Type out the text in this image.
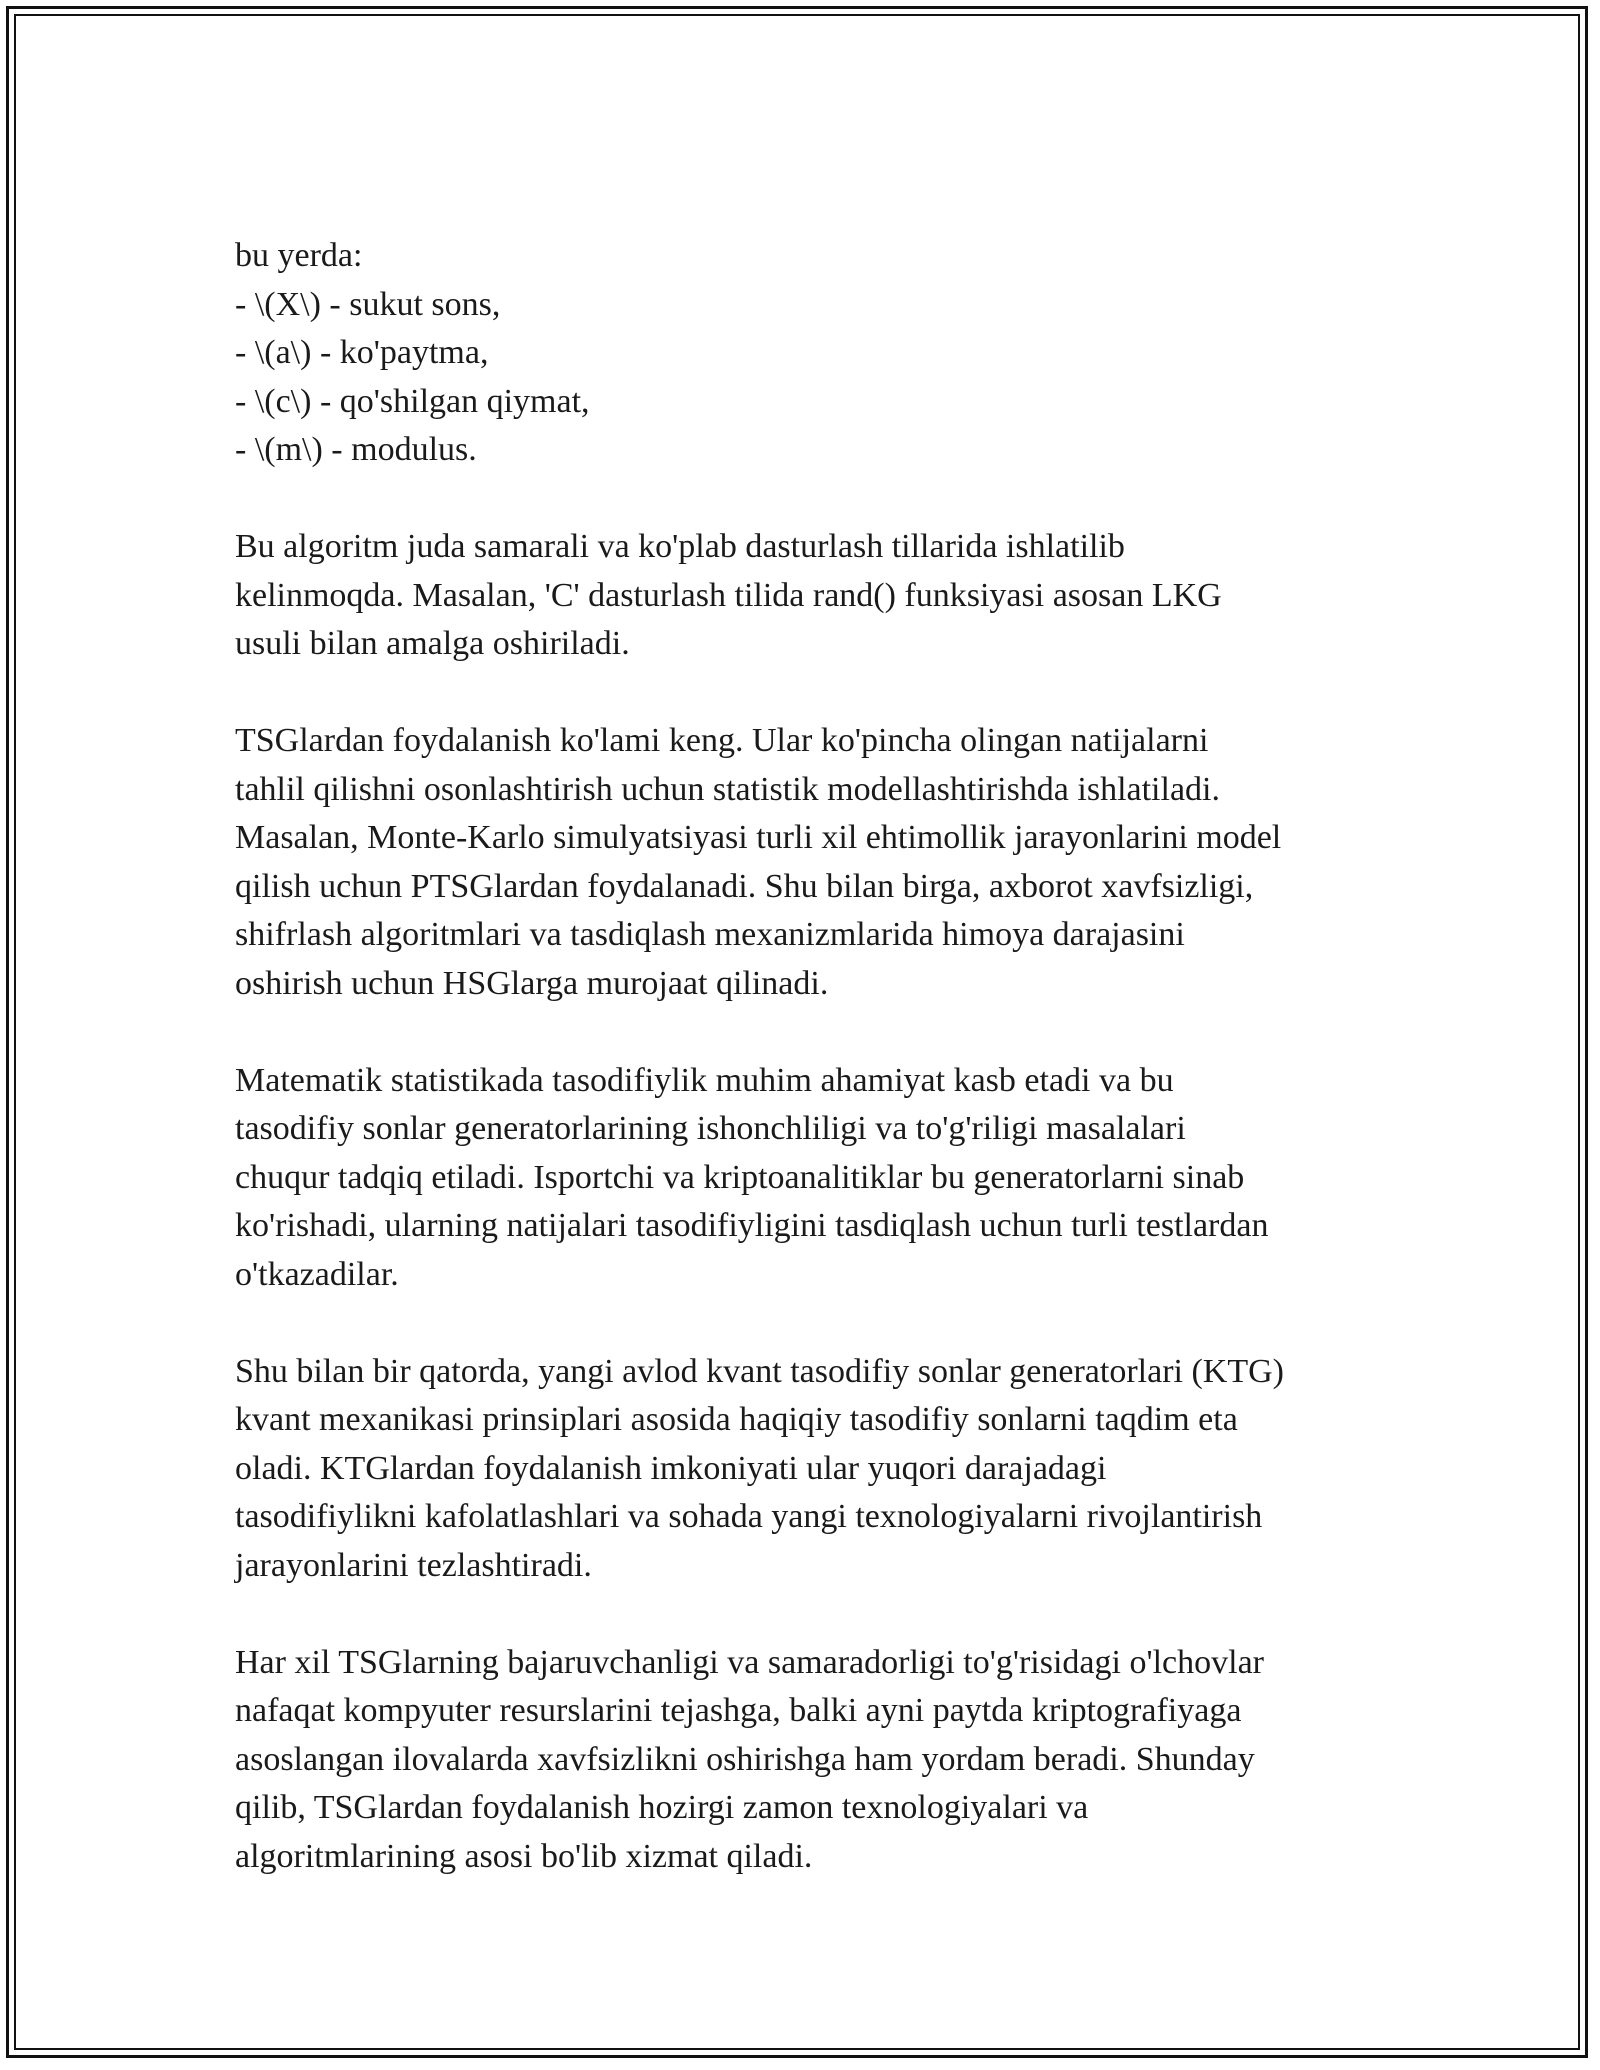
bu yerda:
- \(X\) - sukut sons,
- \(a\) - ko'paytma,
- \(c\) - qo'shilgan qiymat,
- \(m\) - modulus.
Bu algoritm juda samarali va ko'plab dasturlash tillarida ishlatilib
kelinmoqda. Masalan, 'C' dasturlash tilida rand() funksiyasi asosan LKG
usuli bilan amalga oshiriladi.
TSGlardan foydalanish ko'lami keng. Ular ko'pincha olingan natijalarni
tahlil qilishni osonlashtirish uchun statistik modellashtirishda ishlatiladi.
Masalan, Monte-Karlo simulyatsiyasi turli xil ehtimollik jarayonlarini model
qilish uchun PTSGlardan foydalanadi. Shu bilan birga, axborot xavfsizligi,
shifrlash algoritmlari va tasdiqlash mexanizmlarida himoya darajasini
oshirish uchun HSGlarga murojaat qilinadi.
Matematik statistikada tasodifiylik muhim ahamiyat kasb etadi va bu
tasodifiy sonlar generatorlarining ishonchliligi va to'g'riligi masalalari
chuqur tadqiq etiladi. Isportchi va kriptoanalitiklar bu generatorlarni sinab
ko'rishadi, ularning natijalari tasodifiyligini tasdiqlash uchun turli testlardan
o'tkazadilar.
Shu bilan bir qatorda, yangi avlod kvant tasodifiy sonlar generatorlari (KTG)
kvant mexanikasi prinsiplari asosida haqiqiy tasodifiy sonlarni taqdim eta
oladi. KTGlardan foydalanish imkoniyati ular yuqori darajadagi
tasodifiylikni kafolatlashlari va sohada yangi texnologiyalarni rivojlantirish
jarayonlarini tezlashtiradi.
Har xil TSGlarning bajaruvchanligi va samaradorligi to'g'risidagi o'lchovlar
nafaqat kompyuter resurslarini tejashga, balki ayni paytda kriptografiyaga
asoslangan ilovalarda xavfsizlikni oshirishga ham yordam beradi. Shunday
qilib, TSGlardan foydalanish hozirgi zamon texnologiyalari va
algoritmlarining asosi bo'lib xizmat qiladi.
